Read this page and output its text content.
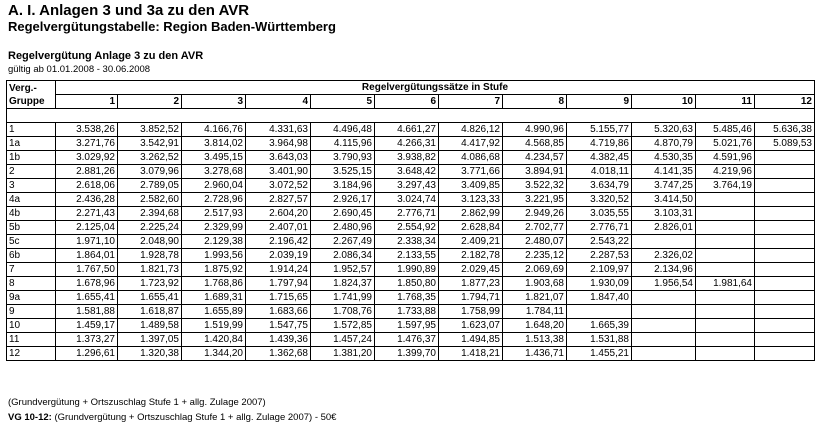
A. I. Anlagen 3 und 3a zu den AVR
Regelvergütungstabelle: Region Baden-Württemberg
Regelvergütung Anlage 3 zu den AVR
gültig ab 01.01.2008 - 30.06.2008
Verg.-
Gruppe	Regelvergütungssätze in Stufe											
	1	2	3	4	5	6	7	8	9	10	11	12

1	3.538,26	3.852,52	4.166,76	4.331,63	4.496,48	4.661,27	4.826,12	4.990,96	5.155,77	5.320,63	5.485,46	5.636,38
1a	3.271,76	3.542,91	3.814,02	3.964,98	4.115,96	4.266,31	4.417,92	4.568,85	4.719,86	4.870,79	5.021,76	5.089,53
1b	3.029,92	3.262,52	3.495,15	3.643,03	3.790,93	3.938,82	4.086,68	4.234,57	4.382,45	4.530,35	4.591,96	
2	2.881,26	3.079,96	3.278,68	3.401,90	3.525,15	3.648,42	3.771,66	3.894,91	4.018,11	4.141,35	4.219,96	
3	2.618,06	2.789,05	2.960,04	3.072,52	3.184,96	3.297,43	3.409,85	3.522,32	3.634,79	3.747,25	3.764,19	
4a	2.436,28	2.582,60	2.728,96	2.827,57	2.926,17	3.024,74	3.123,33	3.221,95	3.320,52	3.414,50		
4b	2.271,43	2.394,68	2.517,93	2.604,20	2.690,45	2.776,71	2.862,99	2.949,26	3.035,55	3.103,31		
5b	2.125,04	2.225,24	2.329,99	2.407,01	2.480,96	2.554,92	2.628,84	2.702,77	2.776,71	2.826,01		
5c	1.971,10	2.048,90	2.129,38	2.196,42	2.267,49	2.338,34	2.409,21	2.480,07	2.543,22			
6b	1.864,01	1.928,78	1.993,56	2.039,19	2.086,34	2.133,55	2.182,78	2.235,12	2.287,53	2.326,02		
7	1.767,50	1.821,73	1.875,92	1.914,24	1.952,57	1.990,89	2.029,45	2.069,69	2.109,97	2.134,96		
8	1.678,96	1.723,92	1.768,86	1.797,94	1.824,37	1.850,80	1.877,23	1.903,68	1.930,09	1.956,54	1.981,64	
9a	1.655,41	1.655,41	1.689,31	1.715,65	1.741,99	1.768,35	1.794,71	1.821,07	1.847,40			
9	1.581,88	1.618,87	1.655,89	1.683,66	1.708,76	1.733,88	1.758,99	1.784,11				
10	1.459,17	1.489,58	1.519,99	1.547,75	1.572,85	1.597,95	1.623,07	1.648,20	1.665,39			
11	1.373,27	1.397,05	1.420,84	1.439,36	1.457,24	1.476,37	1.494,85	1.513,38	1.531,88			
12	1.296,61	1.320,38	1.344,20	1.362,68	1.381,20	1.399,70	1.418,21	1.436,71	1.455,21			
(Grundvergütung + Ortszuschlag Stufe 1 + allg. Zulage 2007)
VG 10-12: (Grundvergütung + Ortszuschlag Stufe 1 + allg. Zulage 2007) - 50€
